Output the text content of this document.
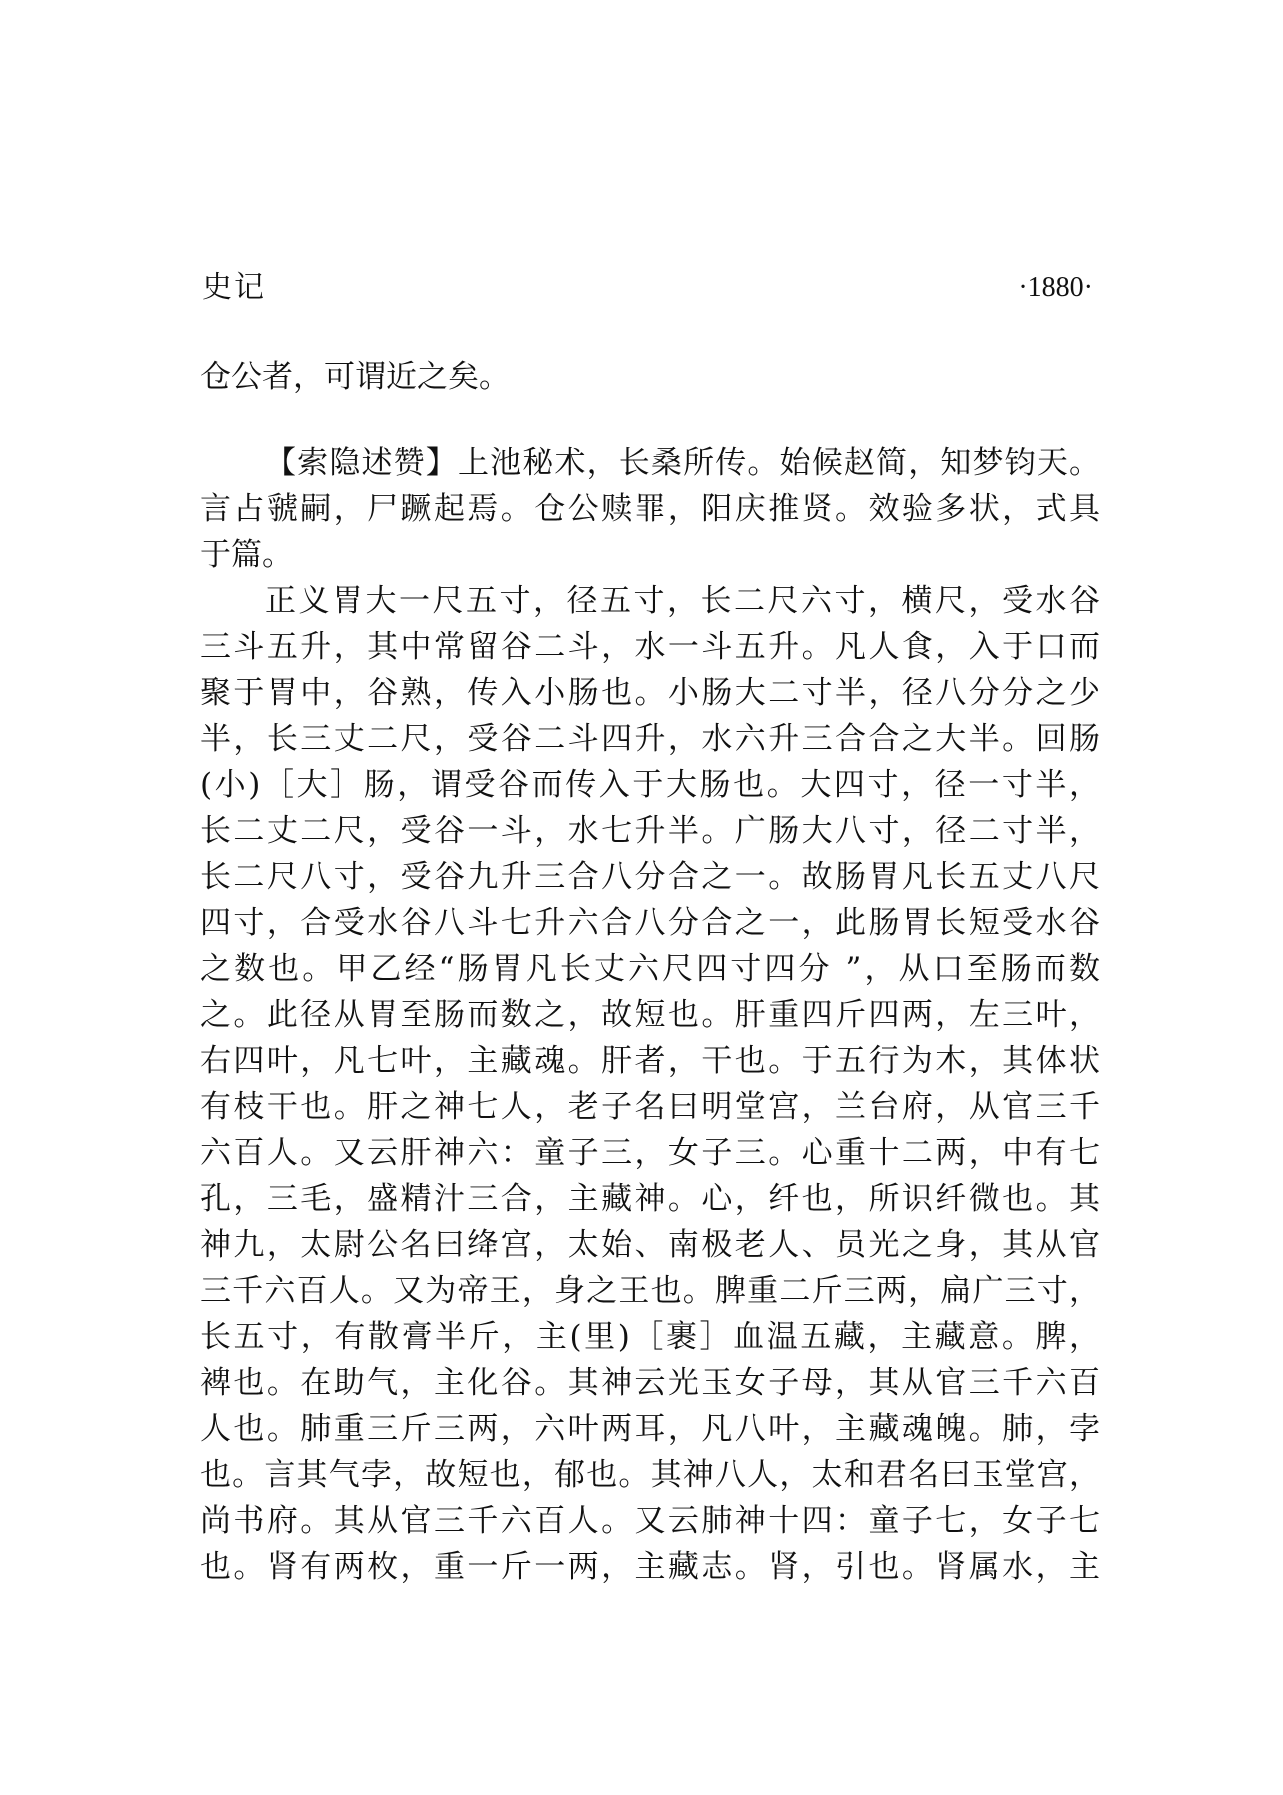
史记	·1880·
仓公者，可谓近之矣。
【索隐述赞】上池秘术，长桑所传。始候赵简，知梦钧天。
言占虢嗣，尸蹶起焉。仓公赎罪，阳庆推贤。效验多状，式具
于篇。
正义胃大一尺五寸，径五寸，长二尺六寸，横尺，受水谷
三斗五升，其中常留谷二斗，水一斗五升。凡人食，入于口而
聚于胃中，谷熟，传入小肠也。小肠大二寸半，径八分分之少
半，长三丈二尺，受谷二斗四升，水六升三合合之大半。回肠
(小)［大］肠，谓受谷而传入于大肠也。大四寸，径一寸半，
长二丈二尺，受谷一斗，水七升半。广肠大八寸，径二寸半，
长二尺八寸，受谷九升三合八分合之一。故肠胃凡长五丈八尺
四寸，合受水谷八斗七升六合八分合之一，此肠胃长短受水谷
之数也。甲乙经“肠胃凡长丈六尺四寸四分 ”，从口至肠而数
之。此径从胃至肠而数之，故短也。肝重四斤四两，左三叶，
右四叶，凡七叶，主藏魂。肝者，干也。于五行为木，其体状
有枝干也。肝之神七人，老子名曰明堂宫，兰台府，从官三千
六百人。又云肝神六：童子三，女子三。心重十二两，中有七
孔，三毛，盛精汁三合，主藏神。心，纤也，所识纤微也。其
神九，太尉公名曰绛宫，太始、南极老人、员光之身，其从官
三千六百人。又为帝王，身之王也。脾重二斤三两，扁广三寸，
长五寸，有散膏半斤，主(里)［裹］血温五藏，主藏意。脾，
裨也。在助气，主化谷。其神云光玉女子母，其从官三千六百
人也。肺重三斤三两，六叶两耳，凡八叶，主藏魂魄。肺，孛
也。言其气孛，故短也，郁也。其神八人，太和君名曰玉堂宫，
尚书府。其从官三千六百人。又云肺神十四：童子七，女子七
也。肾有两枚，重一斤一两，主藏志。肾，引也。肾属水，主
